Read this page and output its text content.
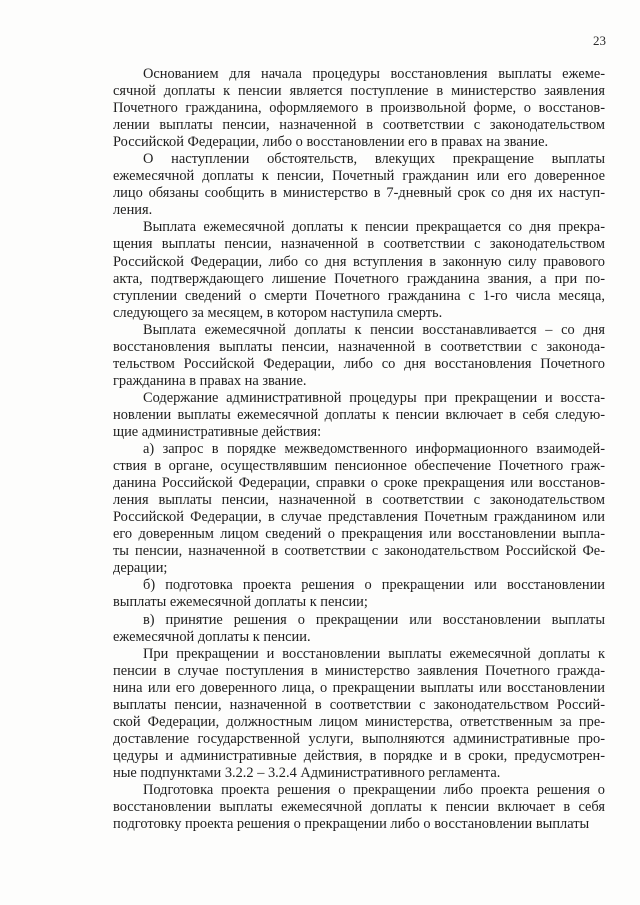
23
Основанием для начала процедуры восстановления выплаты ежеме-
сячной доплаты к пенсии является поступление в министерство заявления
Почетного гражданина, оформляемого в произвольной форме, о восстанов-
лении выплаты пенсии, назначенной в соответствии с законодательством
Российской Федерации, либо о восстановлении его в правах на звание.
О наступлении обстоятельств, влекущих прекращение выплаты
ежемесячной доплаты к пенсии, Почетный гражданин или его доверенное
лицо обязаны сообщить в министерство в 7-дневный срок со дня их наступ-
ления.
Выплата ежемесячной доплаты к пенсии прекращается со дня прекра-
щения выплаты пенсии, назначенной в соответствии с законодательством
Российской Федерации, либо со дня вступления в законную силу правового
акта, подтверждающего лишение Почетного гражданина звания, а при по-
ступлении сведений о смерти Почетного гражданина с 1-го числа месяца,
следующего за месяцем, в котором наступила смерть.
Выплата ежемесячной доплаты к пенсии восстанавливается – со дня
восстановления выплаты пенсии, назначенной в соответствии с законода-
тельством Российской Федерации, либо со дня восстановления Почетного
гражданина в правах на звание.
Содержание административной процедуры при прекращении и восста-
новлении выплаты ежемесячной доплаты к пенсии включает в себя следую-
щие административные действия:
а) запрос в порядке межведомственного информационного взаимодей-
ствия в органе, осуществлявшим пенсионное обеспечение Почетного граж-
данина Российской Федерации, справки о сроке прекращения или восстанов-
ления выплаты пенсии, назначенной в соответствии с законодательством
Российской Федерации, в случае представления Почетным гражданином или
его доверенным лицом сведений о прекращения или восстановлении выпла-
ты пенсии, назначенной в соответствии с законодательством Российской Фе-
дерации;
б) подготовка проекта решения о прекращении или восстановлении
выплаты ежемесячной доплаты к пенсии;
в) принятие решения о прекращении или восстановлении выплаты
ежемесячной доплаты к пенсии.
При прекращении и восстановлении выплаты ежемесячной доплаты к
пенсии в случае поступления в министерство заявления Почетного гражда-
нина или его доверенного лица, о прекращении выплаты или восстановлении
выплаты пенсии, назначенной в соответствии с законодательством Россий-
ской Федерации, должностным лицом министерства, ответственным за пре-
доставление государственной услуги, выполняются административные про-
цедуры и административные действия, в порядке и в сроки, предусмотрен-
ные подпунктами 3.2.2 – 3.2.4 Административного регламента.
Подготовка проекта решения о прекращении либо проекта решения о
восстановлении выплаты ежемесячной доплаты к пенсии включает в себя
подготовку проекта решения о прекращении либо о восстановлении выплаты
